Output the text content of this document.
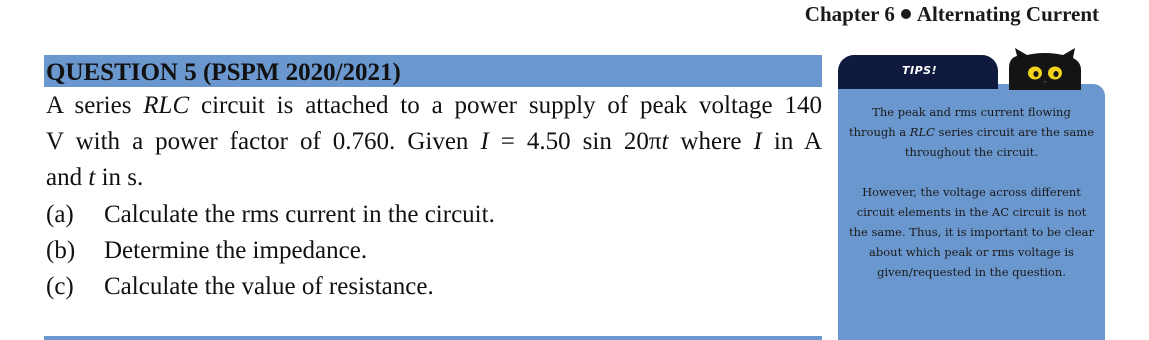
Chapter 6 Alternating Current
QUESTION 5 (PSPM 2020/2021)
A series RLC circuit is attached to a power supply of peak voltage 140
V with a power factor of 0.760. Given I = 4.50 sin 20πt where I in A
and t in s.
(a)	Calculate the rms current in the circuit.
(b)	Determine the impedance.
(c)	Calculate the value of resistance.
TIPS!

The peak and rms current flowing through a RLC series circuit are the same throughout the circuit.

However, the voltage across different circuit elements in the AC circuit is not the same. Thus, it is important to be clear about which peak or rms voltage is given/requested in the question.
